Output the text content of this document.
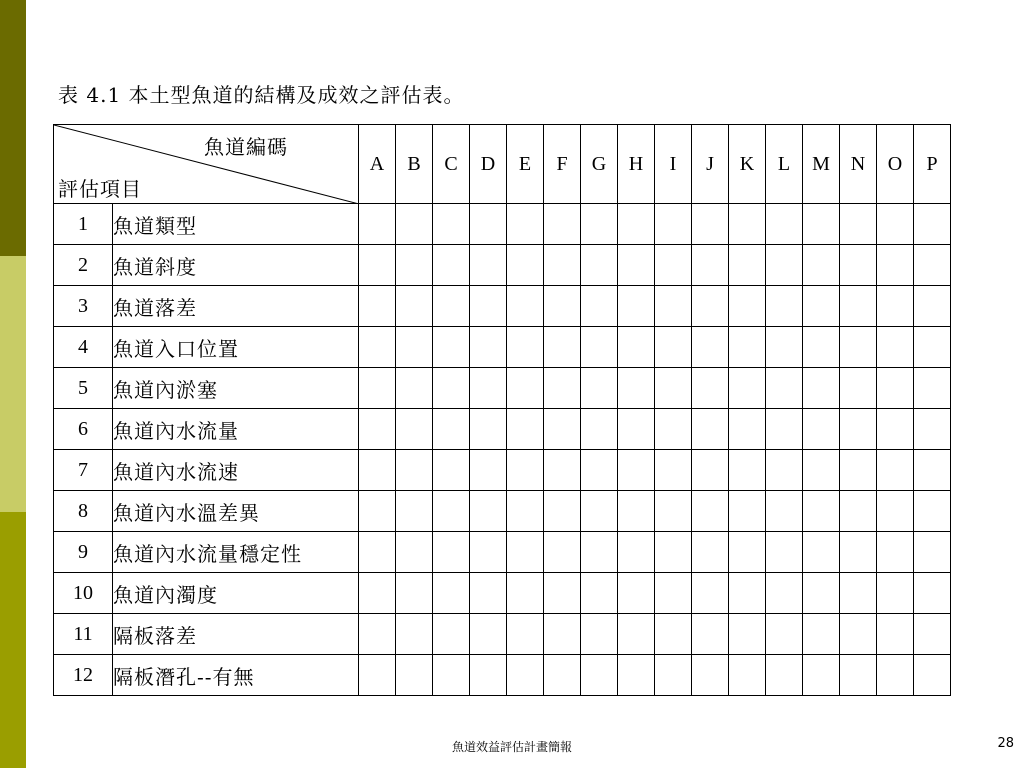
表 4.1 本土型魚道的結構及成效之評估表。
魚道編碼
評估項目		A	B	C	D	E	F	G	H	I	J	K	L	M	N	O	P
1	魚道類型																
2	魚道斜度																
3	魚道落差																
4	魚道入口位置																
5	魚道內淤塞																
6	魚道內水流量																
7	魚道內水流速																
8	魚道內水溫差異																
9	魚道內水流量穩定性																
10	魚道內濁度																
11	隔板落差																
12	隔板潛孔--有無																
魚道效益評估計畫簡報	28
